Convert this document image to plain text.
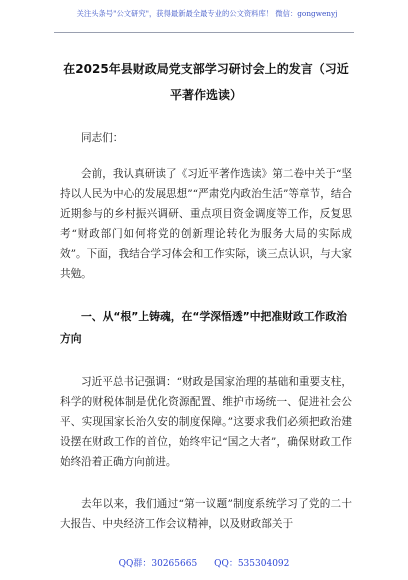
关注头条号"公文研究"，获得最新最全最专业的公文资料库！ 微信：gongwenyj
在2025年县财政局党支部学习研讨会上的发言（习近平著作选读）

同志们：

会前，我认真研读了《习近平著作选读》第二卷中关于“坚持以人民为中心的发展思想”“严肃党内政治生活”等章节，结合近期参与的乡村振兴调研、重点项目资金调度等工作，反复思考“财政部门如何将党的创新理论转化为服务大局的实际成效”。下面，我结合学习体会和工作实际，谈三点认识，与大家共勉。

一、从“根”上铸魂，在“学深悟透”中把准财政工作政治方向

习近平总书记强调：“财政是国家治理的基础和重要支柱，科学的财税体制是优化资源配置、维护市场统一、促进社会公平、实现国家长治久安的制度保障。”这要求我们必须把政治建设摆在财政工作的首位，始终牢记“国之大者”，确保财政工作始终沿着正确方向前进。

去年以来，我们通过“第一议题”制度系统学习了党的二十大报告、中央经济工作会议精神，以及财政部关于

QQ群：30265665 QQ：535304092
